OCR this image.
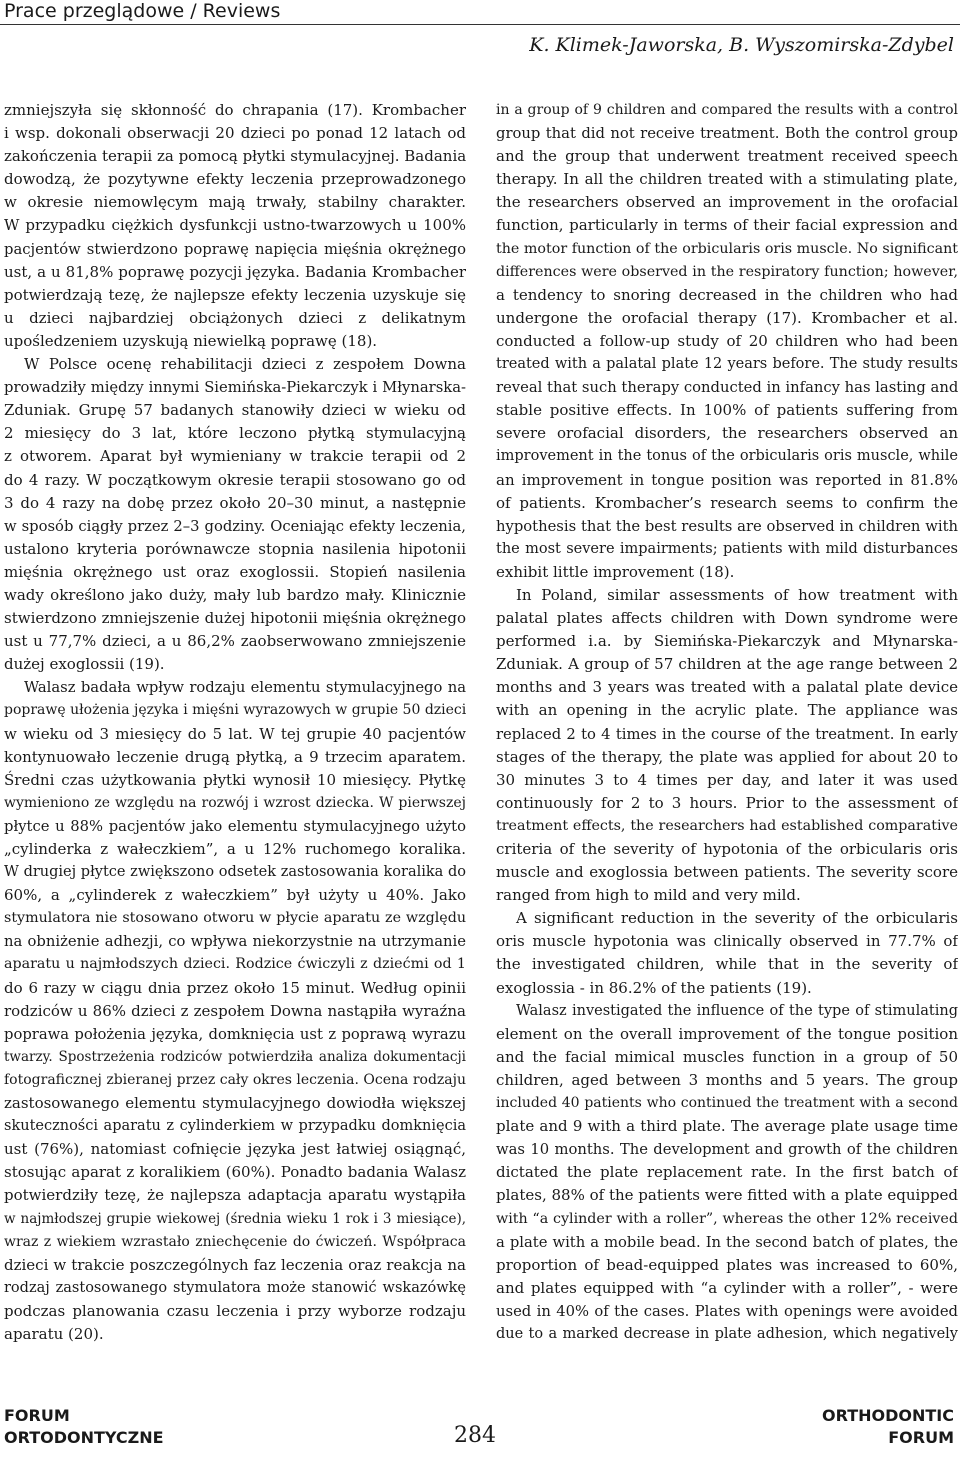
Prace przeglądowe / Reviews
K. Klimek-Jaworska, B. Wyszomirska-Zdybel
zmniejszyła się skłonność do chrapania (17). Krombacher
i wsp. dokonali obserwacji 20 dzieci po ponad 12 latach od
zakończenia terapii za pomocą płytki stymulacyjnej. Badania
dowodzą, że pozytywne efekty leczenia przeprowadzonego
w okresie niemowlęcym mają trwały, stabilny charakter.
W przypadku ciężkich dysfunkcji ustno-twarzowych u 100%
pacjentów stwierdzono poprawę napięcia mięśnia okrężnego
ust, a u 81,8% poprawę pozycji języka. Badania Krombacher
potwierdzają tezę, że najlepsze efekty leczenia uzyskuje się
u dzieci najbardziej obciążonych dzieci z delikatnym
upośledzeniem uzyskują niewielką poprawę (18).
W Polsce ocenę rehabilitacji dzieci z zespołem Downa
prowadziły między innymi Siemińska-Piekarczyk i Młynarska-
Zduniak. Grupę 57 badanych stanowiły dzieci w wieku od
2 miesięcy do 3 lat, które leczono płytką stymulacyjną
z otworem. Aparat był wymieniany w trakcie terapii od 2
do 4 razy. W początkowym okresie terapii stosowano go od
3 do 4 razy na dobę przez około 20–30 minut, a następnie
w sposób ciągły przez 2–3 godziny. Oceniając efekty leczenia,
ustalono kryteria porównawcze stopnia nasilenia hipotonii
mięśnia okrężnego ust oraz exoglossii. Stopień nasilenia
wady określono jako duży, mały lub bardzo mały. Klinicznie
stwierdzono zmniejszenie dużej hipotonii mięśnia okrężnego
ust u 77,7% dzieci, a u 86,2% zaobserwowano zmniejszenie
dużej exoglossii (19).
Walasz badała wpływ rodzaju elementu stymulacyjnego na
poprawę ułożenia języka i mięśni wyrazowych w grupie 50 dzieci
w wieku od 3 miesięcy do 5 lat. W tej grupie 40 pacjentów
kontynuowało leczenie drugą płytką, a 9 trzecim aparatem.
Średni czas użytkowania płytki wynosił 10 miesięcy. Płytkę
wymieniono ze względu na rozwój i wzrost dziecka. W pierwszej
płytce u 88% pacjentów jako elementu stymulacyjnego użyto
„cylinderka z wałeczkiem”, a u 12% ruchomego koralika.
W drugiej płytce zwiększono odsetek zastosowania koralika do
60%, a „cylinderek z wałeczkiem” był użyty u 40%. Jako
stymulatora nie stosowano otworu w płycie aparatu ze względu
na obniżenie adhezji, co wpływa niekorzystnie na utrzymanie
aparatu u najmłodszych dzieci. Rodzice ćwiczyli z dziećmi od 1
do 6 razy w ciągu dnia przez około 15 minut. Według opinii
rodziców u 86% dzieci z zespołem Downa nastąpiła wyraźna
poprawa położenia języka, domknięcia ust z poprawą wyrazu
twarzy. Spostrzeżenia rodziców potwierdziła analiza dokumentacji
fotograficznej zbieranej przez cały okres leczenia. Ocena rodzaju
zastosowanego elementu stymulacyjnego dowiodła większej
skuteczności aparatu z cylinderkiem w przypadku domknięcia
ust (76%), natomiast cofnięcie języka jest łatwiej osiągnąć,
stosując aparat z koralikiem (60%). Ponadto badania Walasz
potwierdziły tezę, że najlepsza adaptacja aparatu wystąpiła
w najmłodszej grupie wiekowej (średnia wieku 1 rok i 3 miesiące),
wraz z wiekiem wzrastało zniechęcenie do ćwiczeń. Współpraca
dzieci w trakcie poszczególnych faz leczenia oraz reakcja na
rodzaj zastosowanego stymulatora może stanowić wskazówkę
podczas planowania czasu leczenia i przy wyborze rodzaju
aparatu (20).
in a group of 9 children and compared the results with a control
group that did not receive treatment. Both the control group
and the group that underwent treatment received speech
therapy. In all the children treated with a stimulating plate,
the researchers observed an improvement in the orofacial
function, particularly in terms of their facial expression and
the motor function of the orbicularis oris muscle. No significant
differences were observed in the respiratory function; however,
a tendency to snoring decreased in the children who had
undergone the orofacial therapy (17). Krombacher et al.
conducted a follow-up study of 20 children who had been
treated with a palatal plate 12 years before. The study results
reveal that such therapy conducted in infancy has lasting and
stable positive effects. In 100% of patients suffering from
severe orofacial disorders, the researchers observed an
improvement in the tonus of the orbicularis oris muscle, while
an improvement in tongue position was reported in 81.8%
of patients. Krombacher’s research seems to confirm the
hypothesis that the best results are observed in children with
the most severe impairments; patients with mild disturbances
exhibit little improvement (18).
In Poland, similar assessments of how treatment with
palatal plates affects children with Down syndrome were
performed i.a. by Siemińska-Piekarczyk and Młynarska-
Zduniak. A group of 57 children at the age range between 2
months and 3 years was treated with a palatal plate device
with an opening in the acrylic plate. The appliance was
replaced 2 to 4 times in the course of the treatment. In early
stages of the therapy, the plate was applied for about 20 to
30 minutes 3 to 4 times per day, and later it was used
continuously for 2 to 3 hours. Prior to the assessment of
treatment effects, the researchers had established comparative
criteria of the severity of hypotonia of the orbicularis oris
muscle and exoglossia between patients. The severity score
ranged from high to mild and very mild.
A significant reduction in the severity of the orbicularis
oris muscle hypotonia was clinically observed in 77.7% of
the investigated children, while that in the severity of
exoglossia - in 86.2% of the patients (19).
Walasz investigated the influence of the type of stimulating
element on the overall improvement of the tongue position
and the facial mimical muscles function in a group of 50
children, aged between 3 months and 5 years. The group
included 40 patients who continued the treatment with a second
plate and 9 with a third plate. The average plate usage time
was 10 months. The development and growth of the children
dictated the plate replacement rate. In the first batch of
plates, 88% of the patients were fitted with a plate equipped
with “a cylinder with a roller”, whereas the other 12% received
a plate with a mobile bead. In the second batch of plates, the
proportion of bead-equipped plates was increased to 60%,
and plates equipped with “a cylinder with a roller”, - were
used in 40% of the cases. Plates with openings were avoided
due to a marked decrease in plate adhesion, which negatively
FORUM
ORTODONTYCZNE	284
ORTHODONTIC
FORUM
